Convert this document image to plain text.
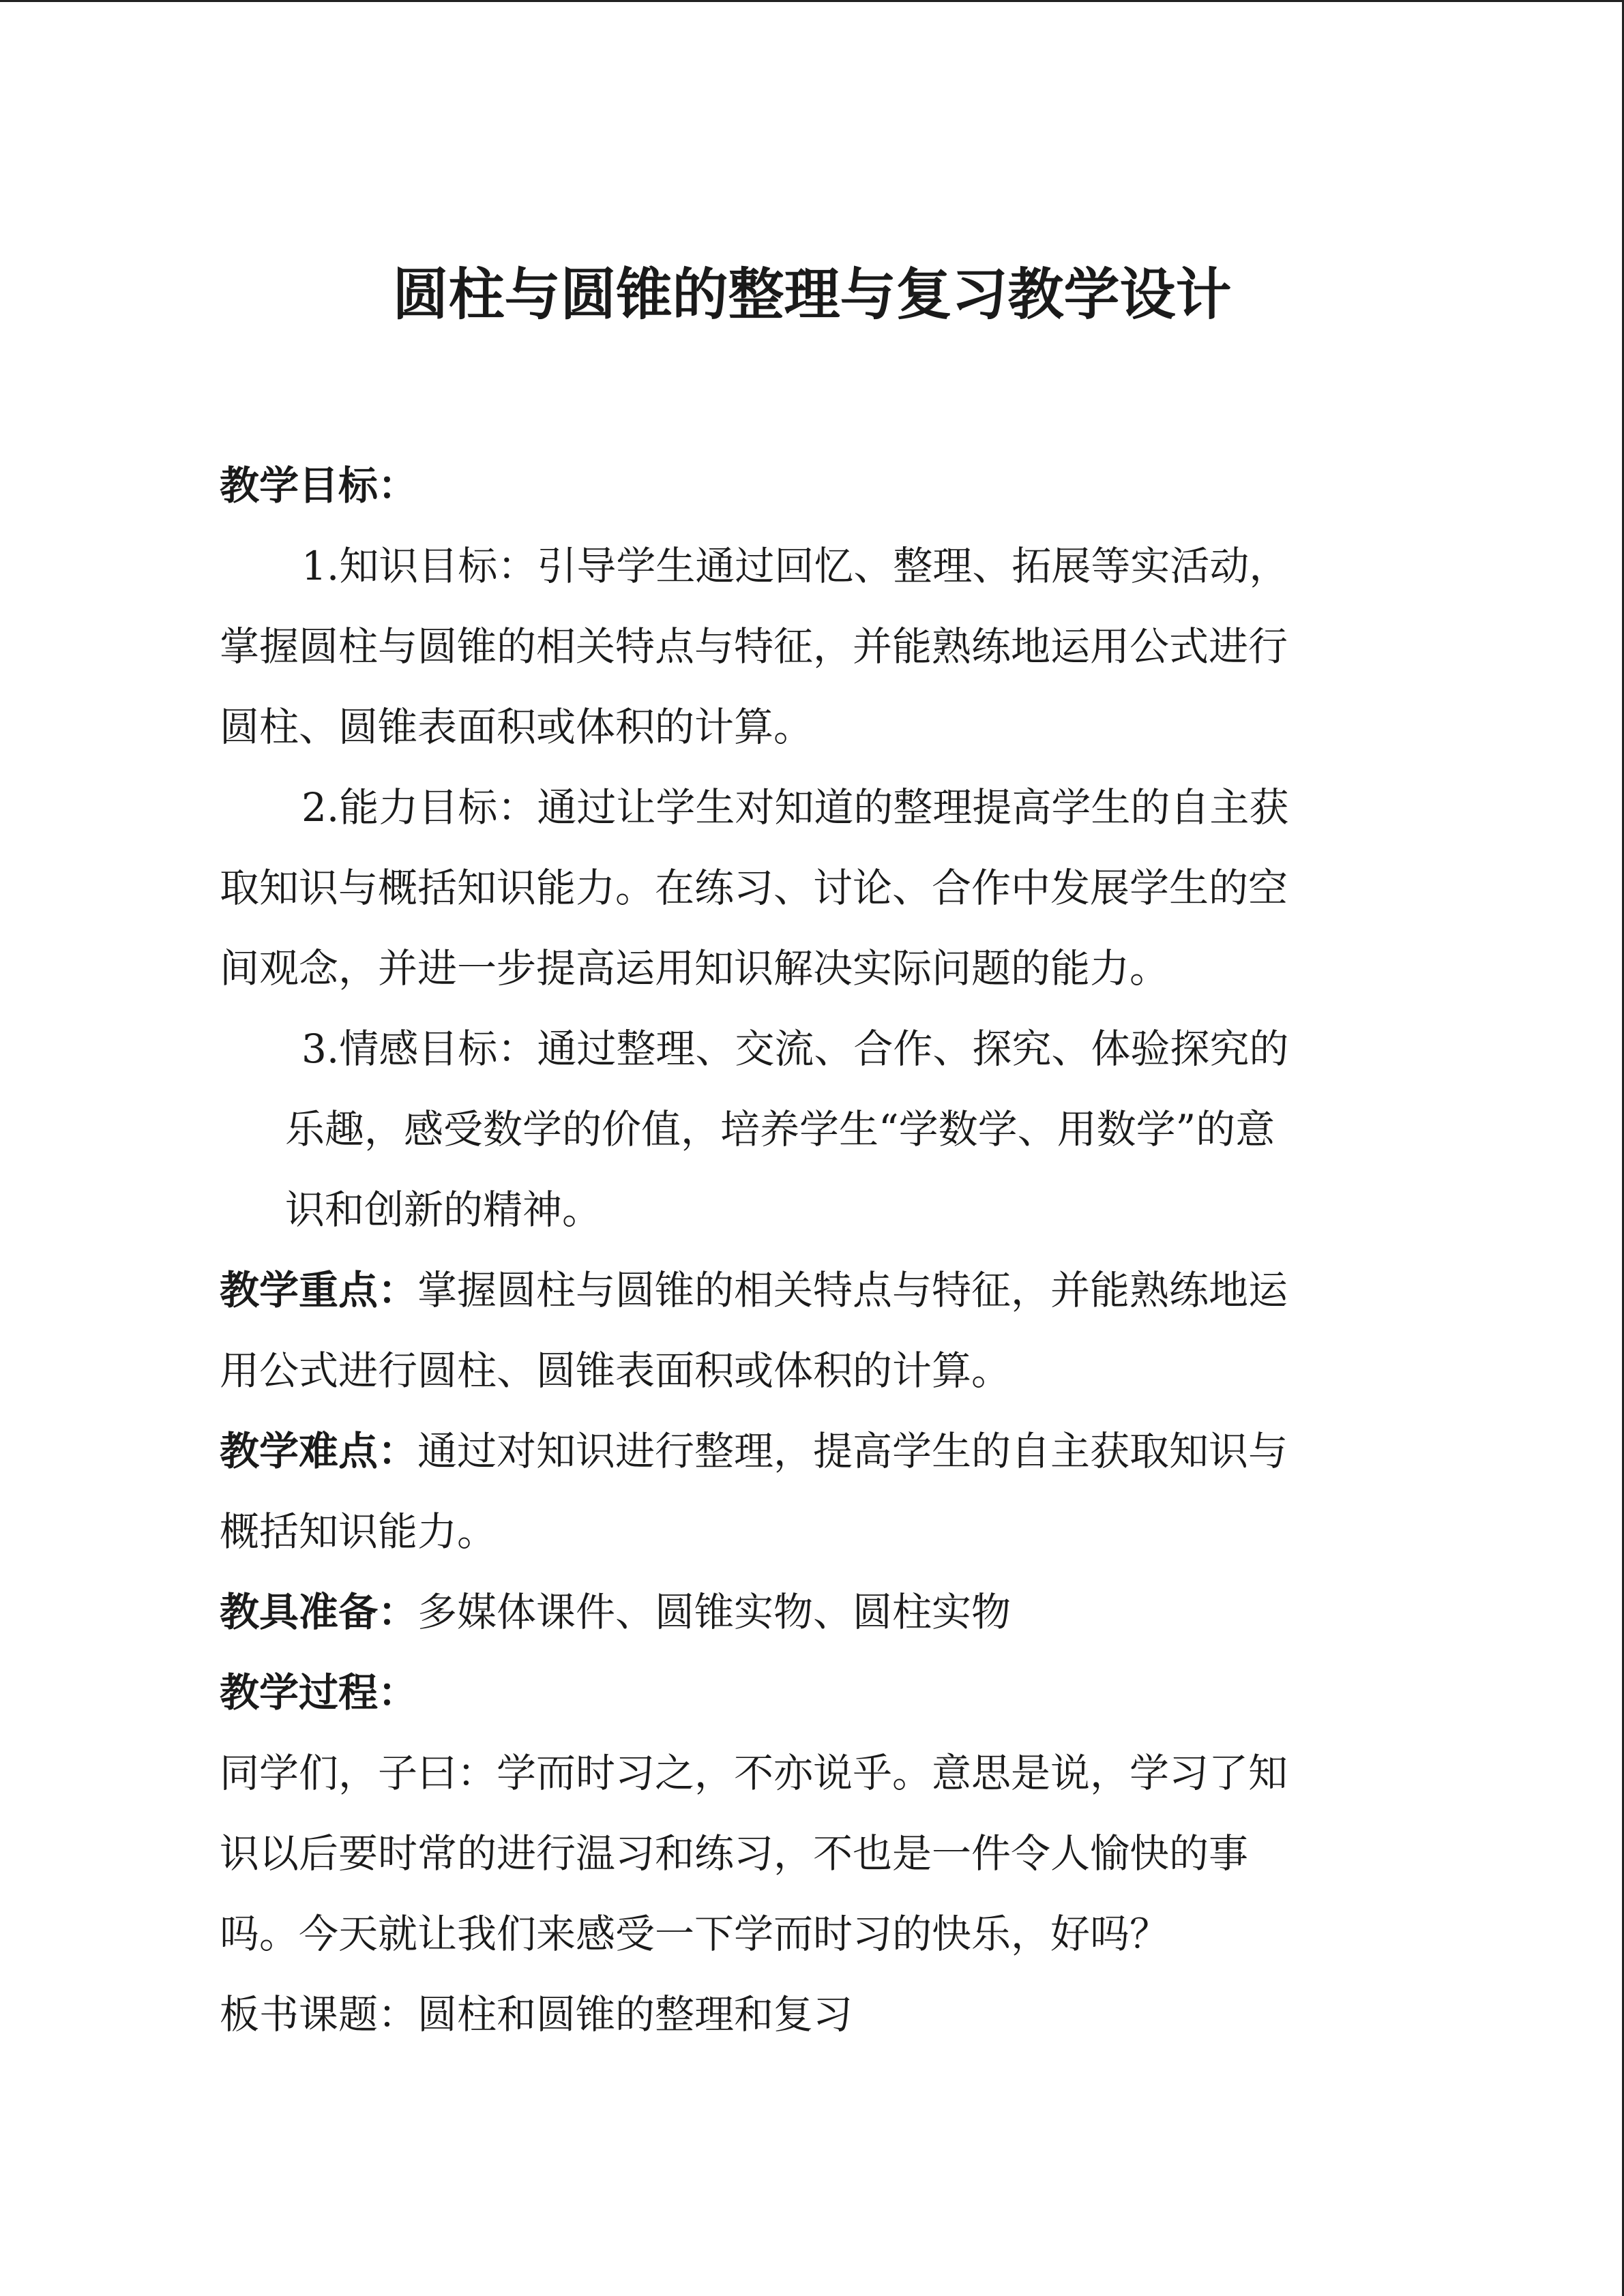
圆柱与圆锥的整理与复习教学设计

教学目标：

1.知识目标：引导学生通过回忆、整理、拓展等实活动，

掌握圆柱与圆锥的相关特点与特征，并能熟练地运用公式进行

圆柱、圆锥表面积或体积的计算。

2.能力目标：通过让学生对知道的整理提高学生的自主获

取知识与概括知识能力。在练习、讨论、合作中发展学生的空

间观念，并进一步提高运用知识解决实际问题的能力。

3.情感目标：通过整理、交流、合作、探究、体验探究的

乐趣，感受数学的价值，培养学生“学数学、用数学”的意

识和创新的精神。

教学重点：掌握圆柱与圆锥的相关特点与特征，并能熟练地运

用公式进行圆柱、圆锥表面积或体积的计算。

教学难点：通过对知识进行整理，提高学生的自主获取知识与

概括知识能力。

教具准备：多媒体课件、圆锥实物、圆柱实物

教学过程：

同学们，子曰：学而时习之，不亦说乎。意思是说，学习了知

识以后要时常的进行温习和练习，不也是一件令人愉快的事

吗。今天就让我们来感受一下学而时习的快乐，好吗？

板书课题：圆柱和圆锥的整理和复习
